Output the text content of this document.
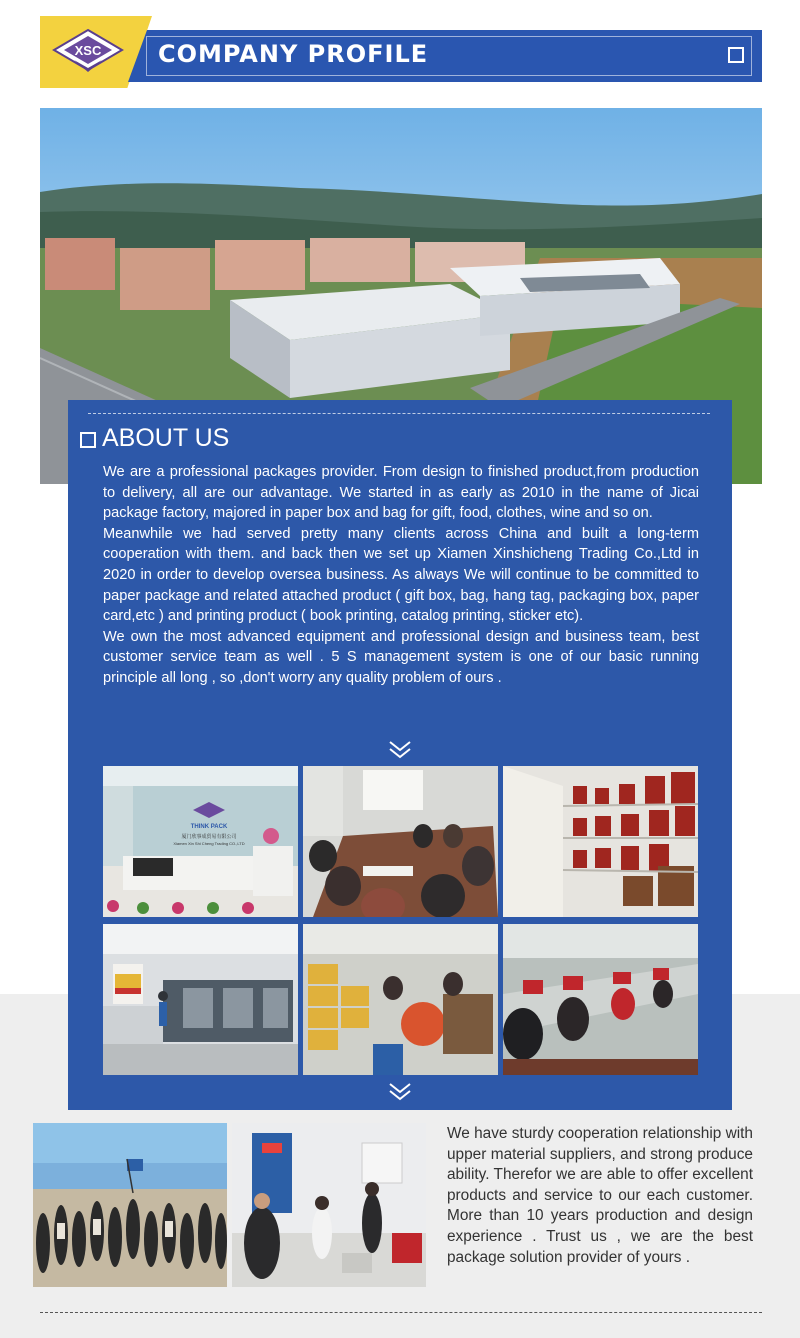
XSC COMPANY PROFILE
ABOUT US

We are a professional packages provider. From design to finished product,from production to delivery, all are our advantage. We started in as early as 2010 in the name of Jicai package factory, majored in paper box and bag for gift, food, clothes, wine and so on.

Meanwhile we had served pretty many clients across China and built a long-term cooperation with them. and back then we set up Xiamen Xinshicheng Trading Co.,Ltd in 2020 in order to develop oversea business. As always We will continue to be committed to paper package and related attached product ( gift box, bag, hang tag, packaging box, paper card,etc ) and printing product ( book printing, catalog printing, sticker etc).

We own the most advanced equipment and professional design and business team, best customer service team as well . 5 S management system is one of our basic running principle all long , so ,don't worry any quality problem of ours .

THINK PACK
厦门欣事成贸易有限公司
Xiamen Xin Shi Cheng Trading CO.,LTD
We have sturdy cooperation relationship with upper material suppliers, and strong produce ability. Therefor we are able to offer excellent products and service to our each customer. More than 10 years production and design experience . Trust us , we are the best package solution provider of yours .
